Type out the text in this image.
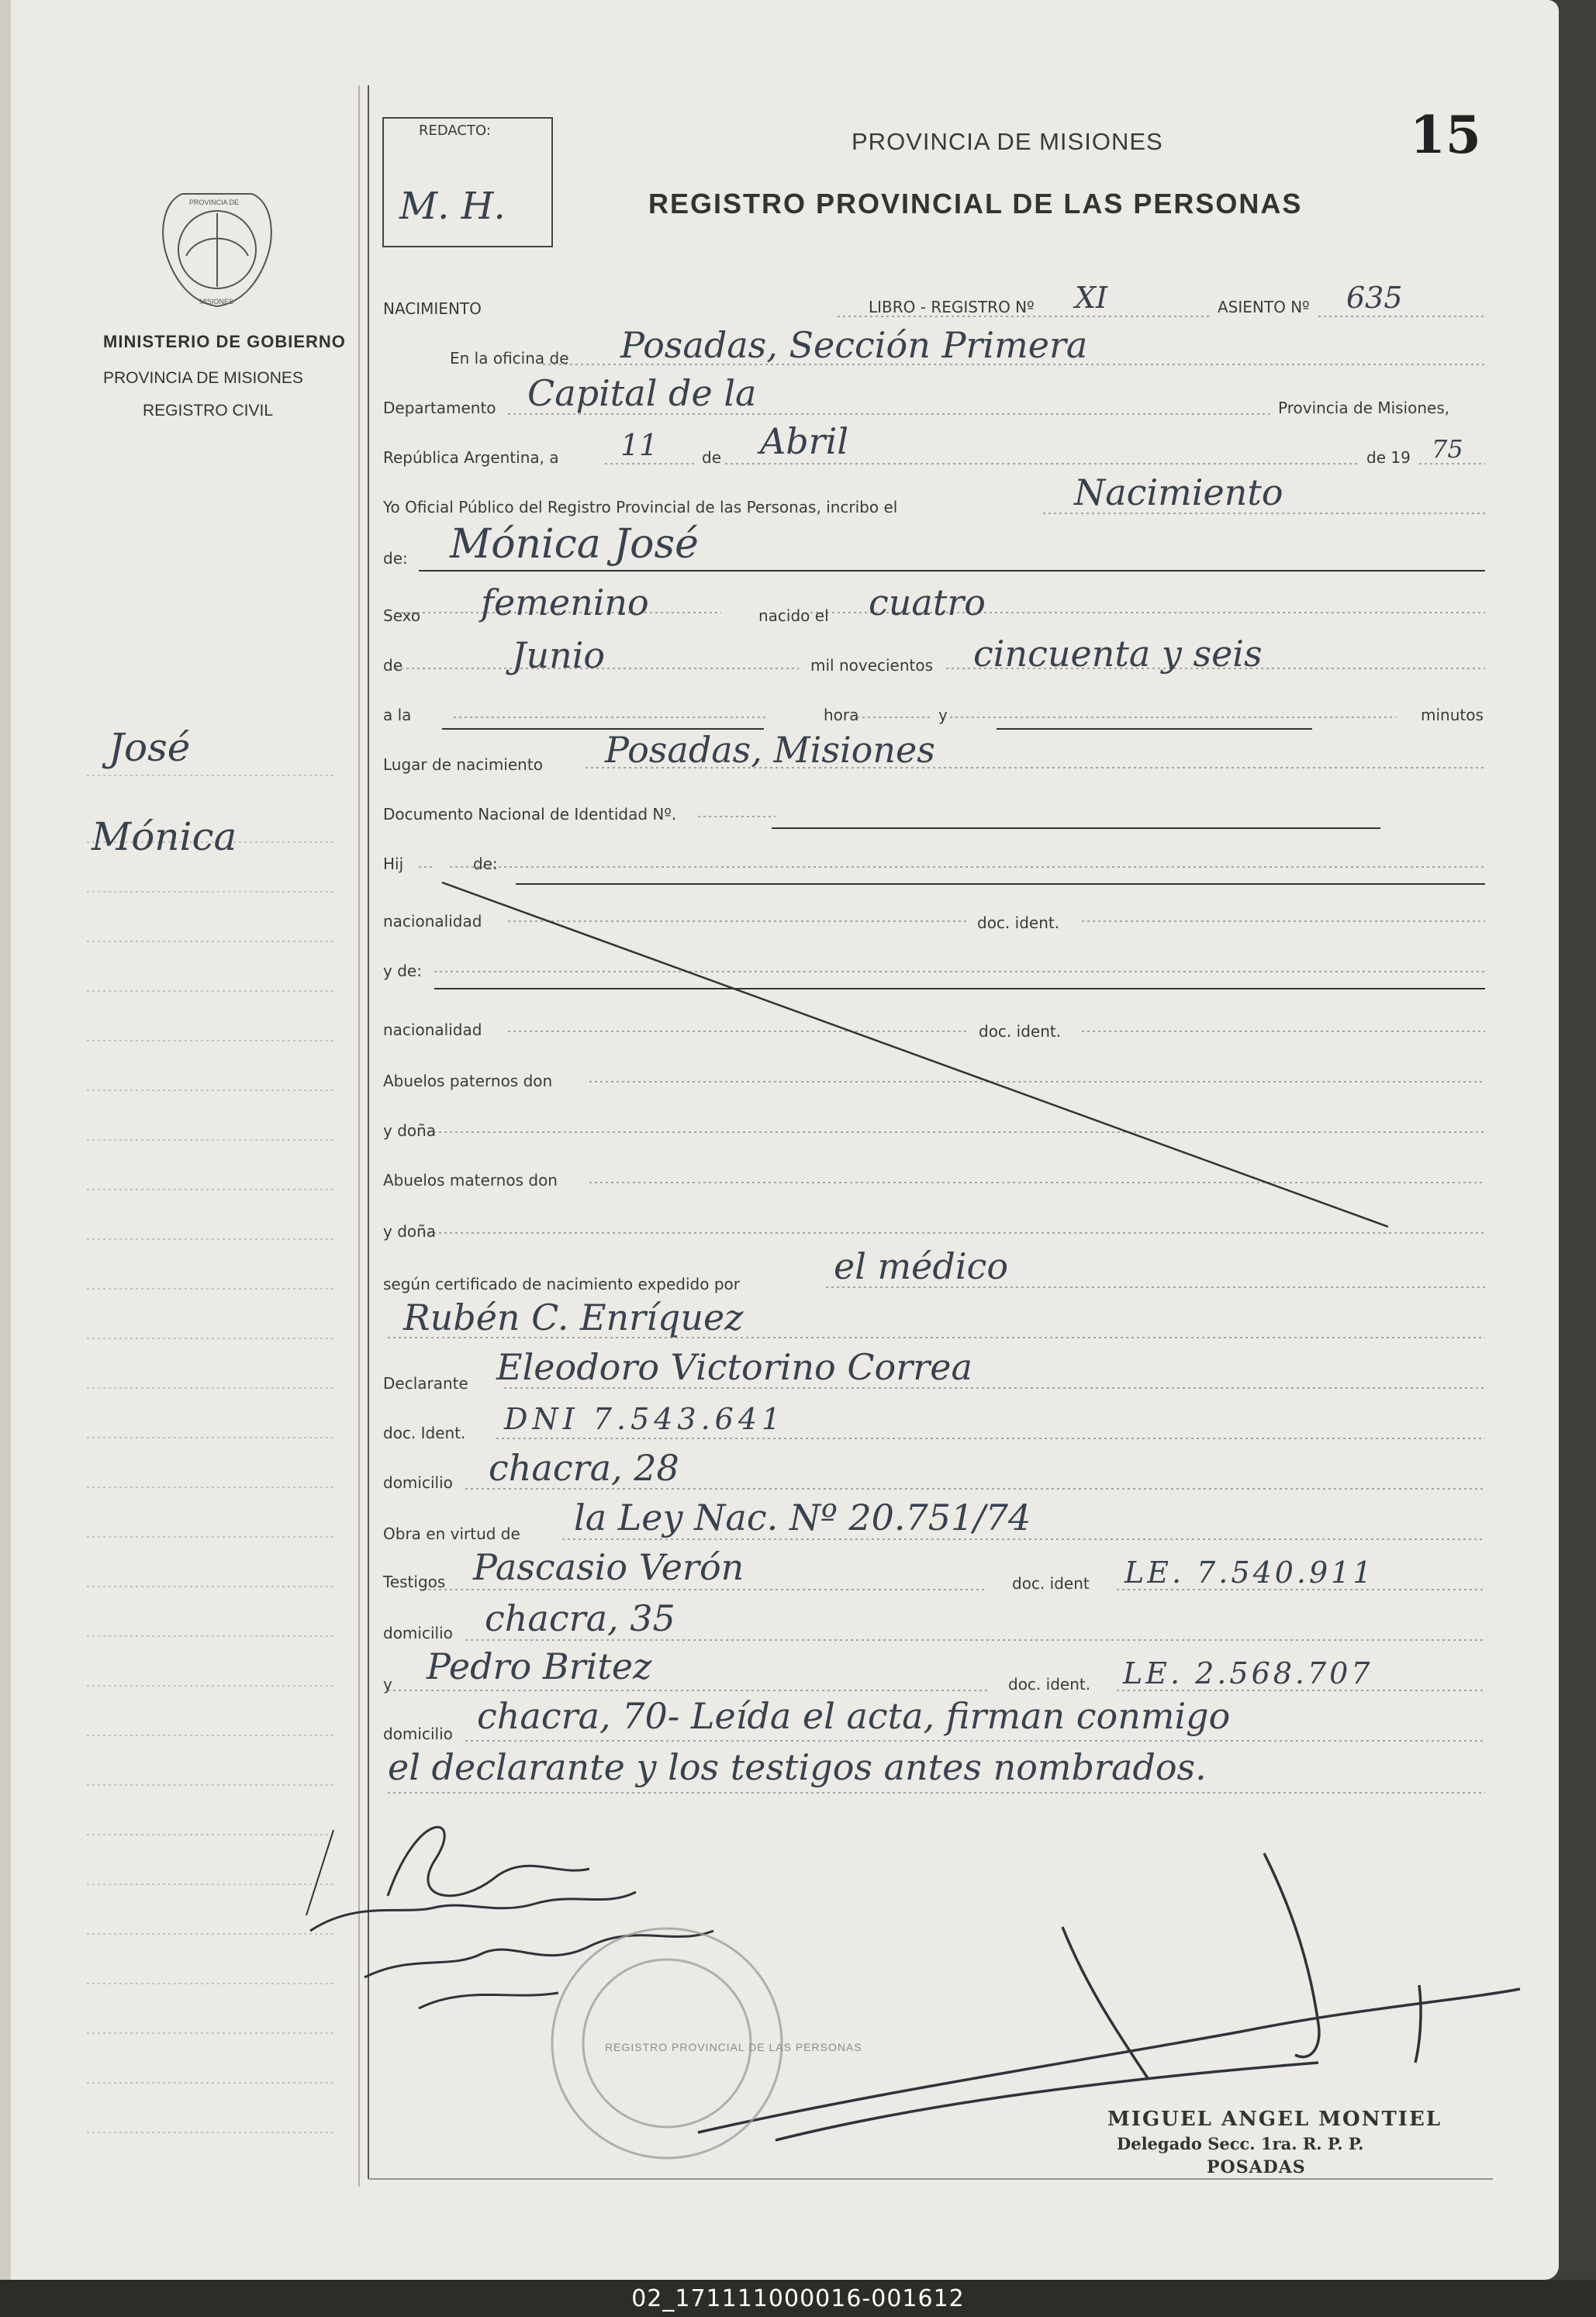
02_171111000016-001612
REDACTO:
M. H.
PROVINCIA DE MISIONES
REGISTRO PROVINCIAL DE LAS PERSONAS
15
PROVINCIA DE
MISIONES
MINISTERIO DE GOBIERNO
PROVINCIA DE MISIONES
REGISTRO CIVIL
José
Mónica
NACIMIENTO	LIBRO - REGISTRO Nº XI	ASIENTO Nº 635
En la oficina de Posadas, Sección Primera
Departamento Capital de la	Provincia de Misiones,
República Argentina, a 11	de Abril	de 19 75
Yo Oficial Público del Registro Provincial de las Personas, incribo el	Nacimiento
de: Mónica José
Sexo femenino	nacido el cuatro
de	Junio	mil novecientos cincuenta y seis
a la	hora	y	minutos
Lugar de nacimiento Posadas, Misiones
Documento Nacional de Identidad Nº.
Hij	de:
nacionalidad	doc. ident.
y de:
nacionalidad	doc. ident.
Abuelos paternos don
y doña
Abuelos maternos don
y doña
según certificado de nacimiento expedido por	el médico
Rubén C. Enríquez
Declarante Eleodoro Victorino Correa
doc. Ident. DNI 7.543.641
domicilio chacra, 28
Obra en virtud de la Ley Nac. Nº 20.751/74
Testigos Pascasio Verón	doc. ident LE. 7.540.911
domicilio chacra, 35
y Pedro Britez	doc. ident. LE. 2.568.707
domicilio chacra, 70- Leída el acta, firman conmigo
el declarante y los testigos antes nombrados.
MIGUEL ANGEL MONTIEL
Delegado Secc. 1ra. R. P. P.
POSADAS
REGISTRO PROVINCIAL DE LAS PERSONAS
